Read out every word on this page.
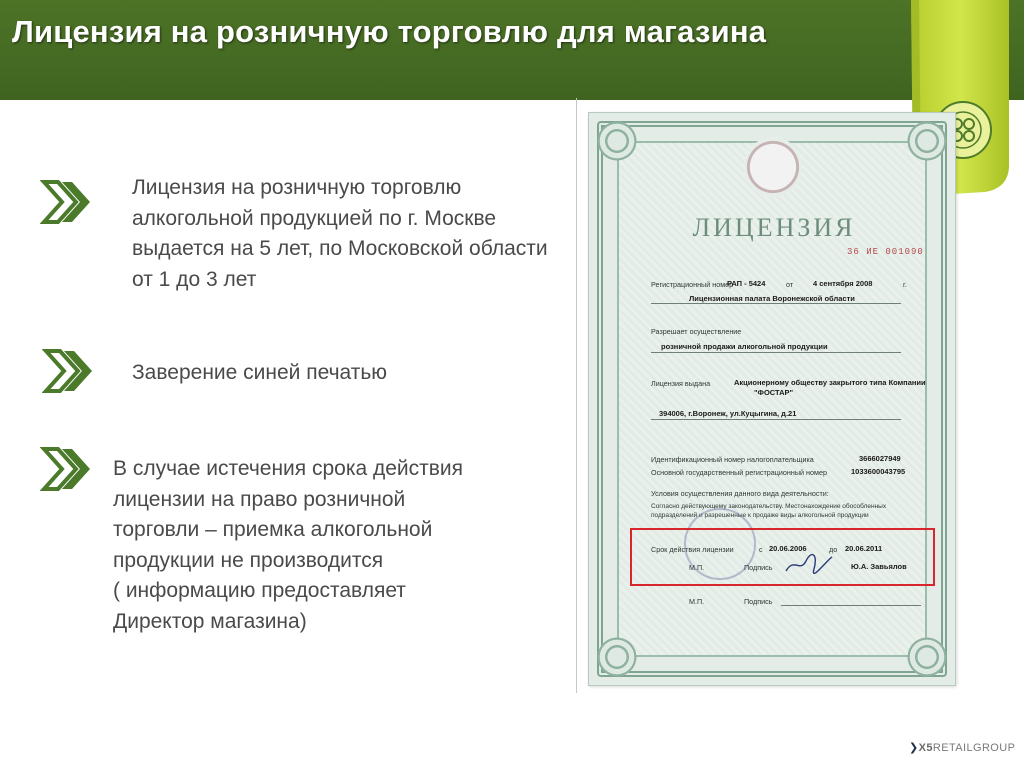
Лицензия на розничную торговлю для магазина
Лицензия на розничную торговлю алкогольной продукцией по г. Москве выдается на 5 лет, по Московской области от 1 до 3 лет
Заверение синей печатью
В случае истечения срока действия
лицензии на право розничной
торговли – приемка алкогольной
продукции не производится
( информацию предоставляет
Директор магазина)
ЛИЦЕНЗИЯ
36 ИЕ 001090
Регистрационный номер
РАП - 5424	от	4 сентября 2008	г.
Лицензионная палата Воронежской области
Разрешает осуществление
розничной продажи алкогольной продукции
Лицензия выдана	Акционерному обществу закрытого типа Компании
"ФОСТАР"
394006, г.Воронеж, ул.Куцыгина, д.21
Идентификационный номер налогоплательщика	3666027949
Основной государственный регистрационный номер	1033600043795
Условия осуществления данного вида деятельности:
Согласно действующему законодательству. Местонахождение обособленных
подразделений и разрешенные к продаже виды алкогольной продукции
Срок действия лицензии	с 20.06.2006	до 20.06.2011
М.П.	Подпись	Ю.А. Завьялов
М.П.	Подпись
❯X5RETAILGROUP
